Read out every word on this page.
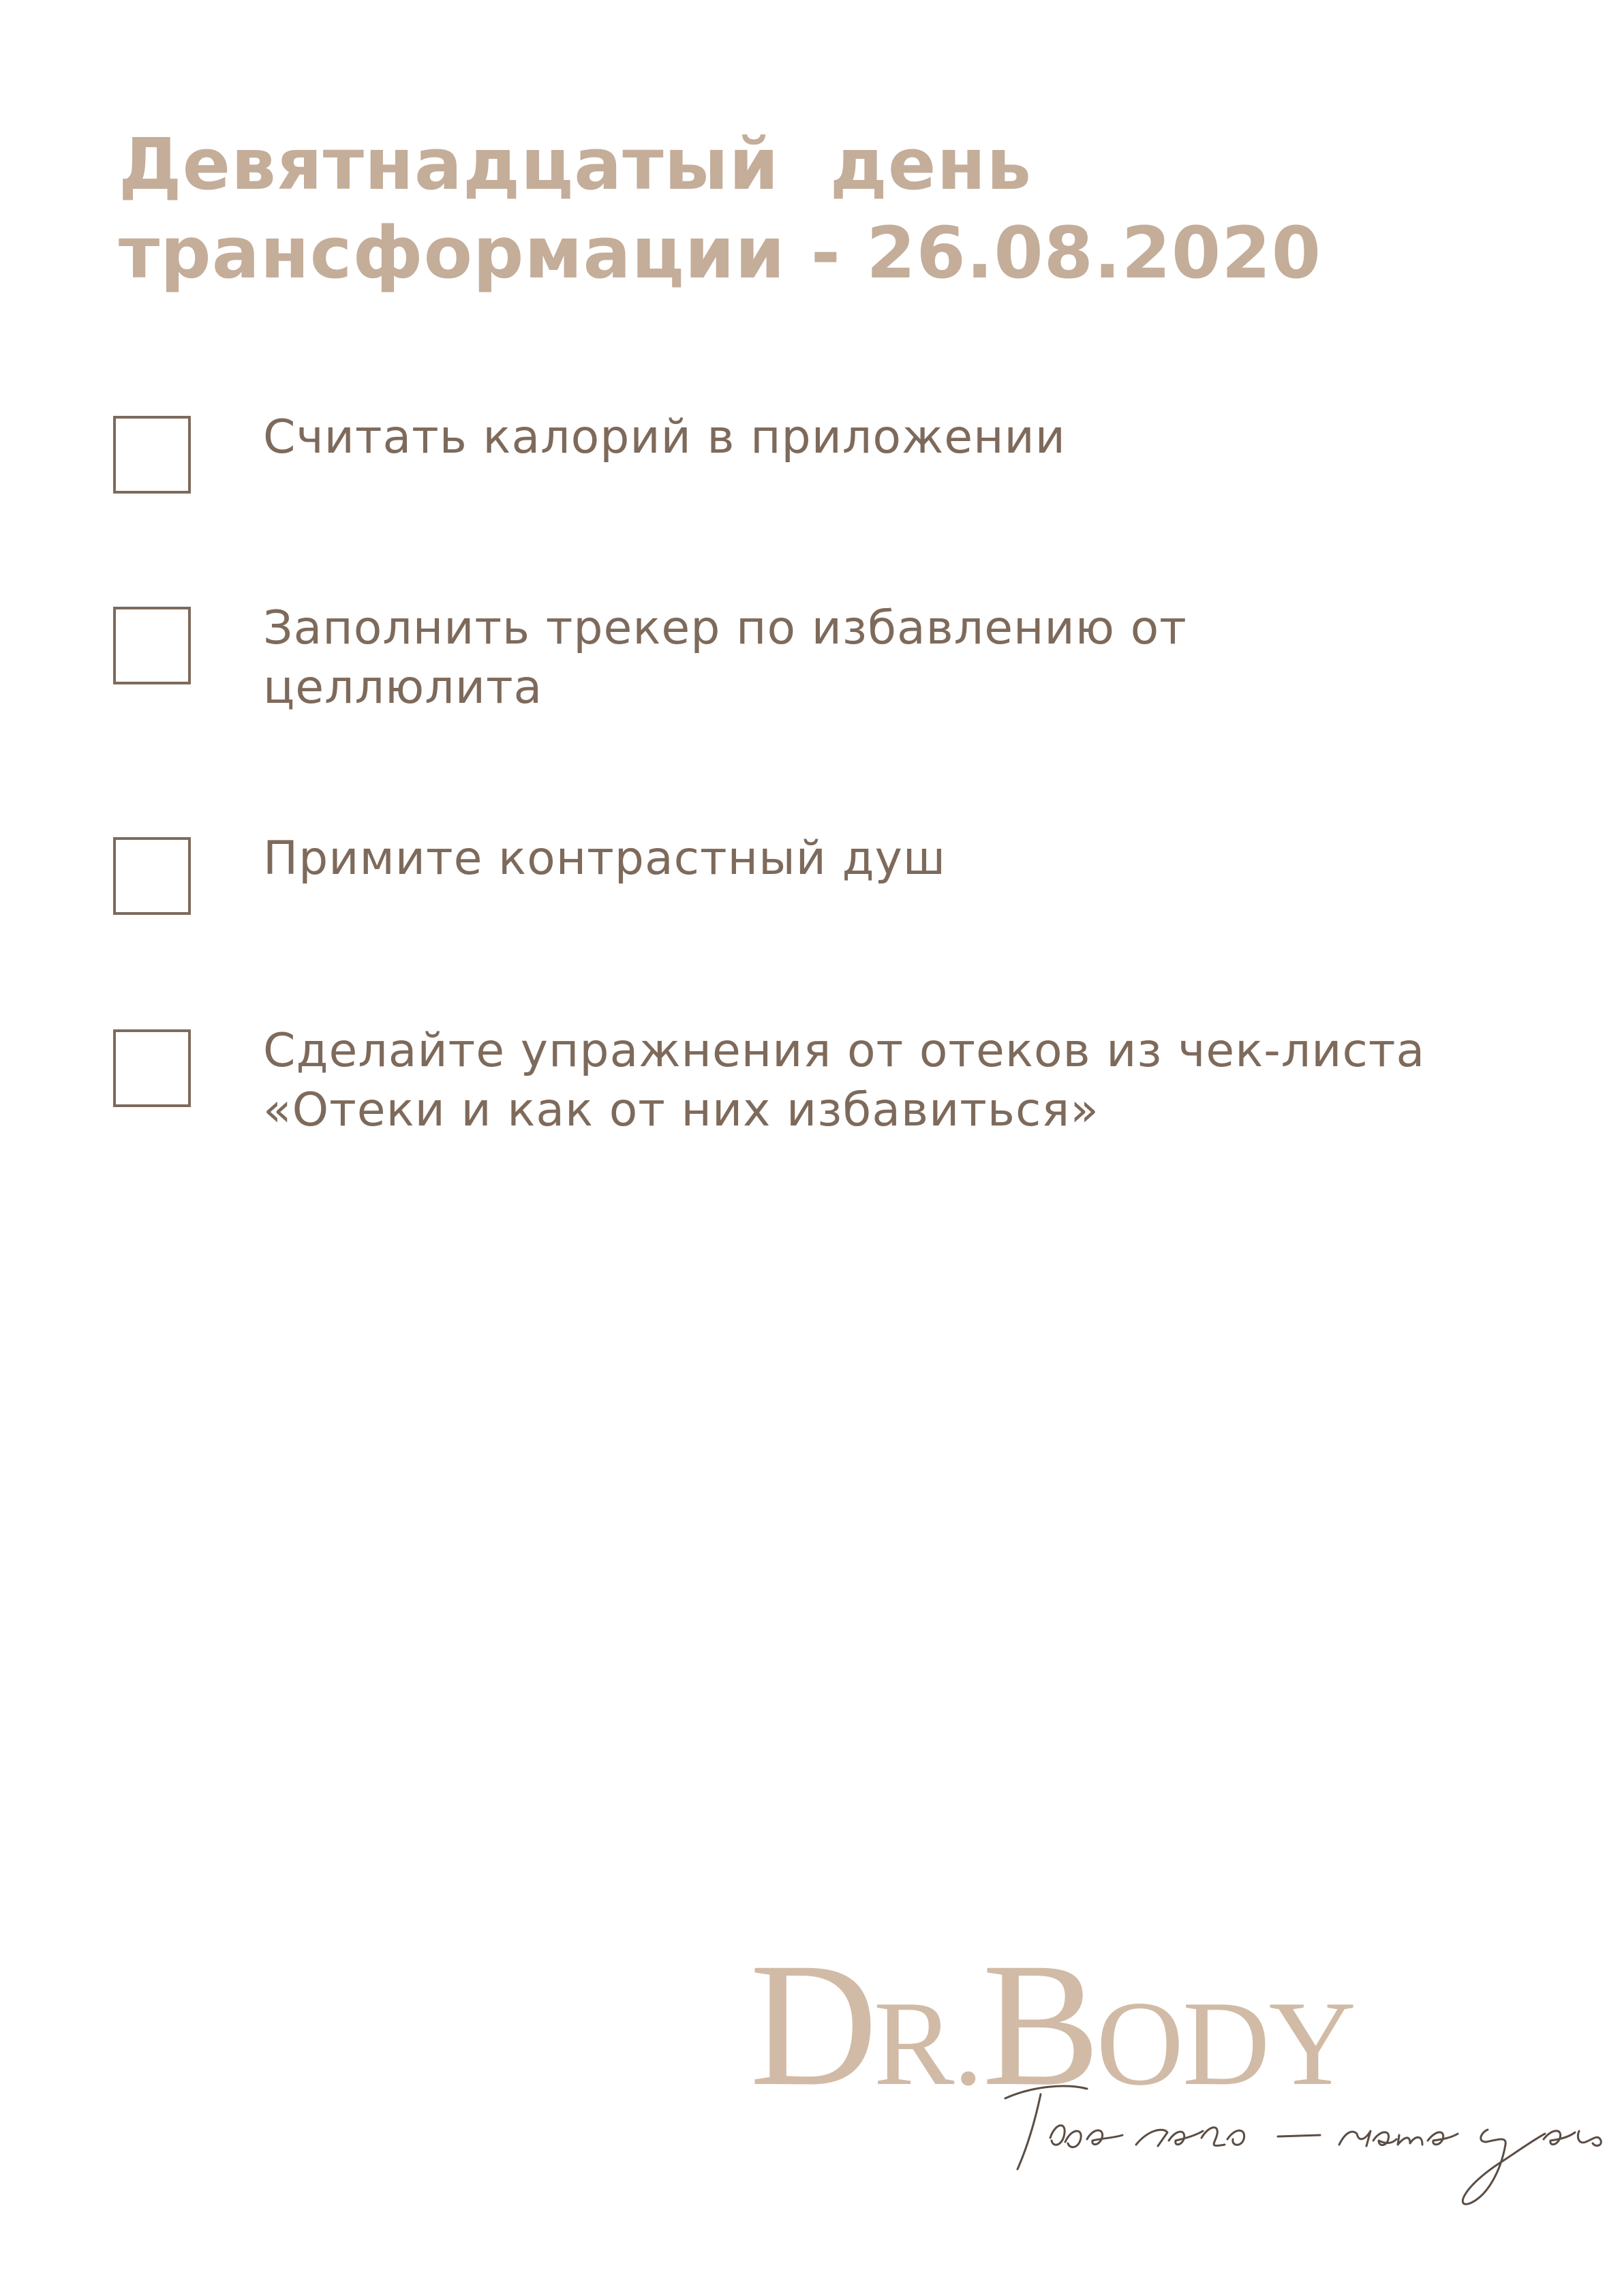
Девятнадцатый  день
трансформации - 26.08.2020

Считать калорий в приложении

Заполнить трекер по избавлению от
целлюлита

Примите контрастный душ

Сделайте упражнения от отеков из чек-листа
«Отеки и как от них избавиться»

DR.BODY
